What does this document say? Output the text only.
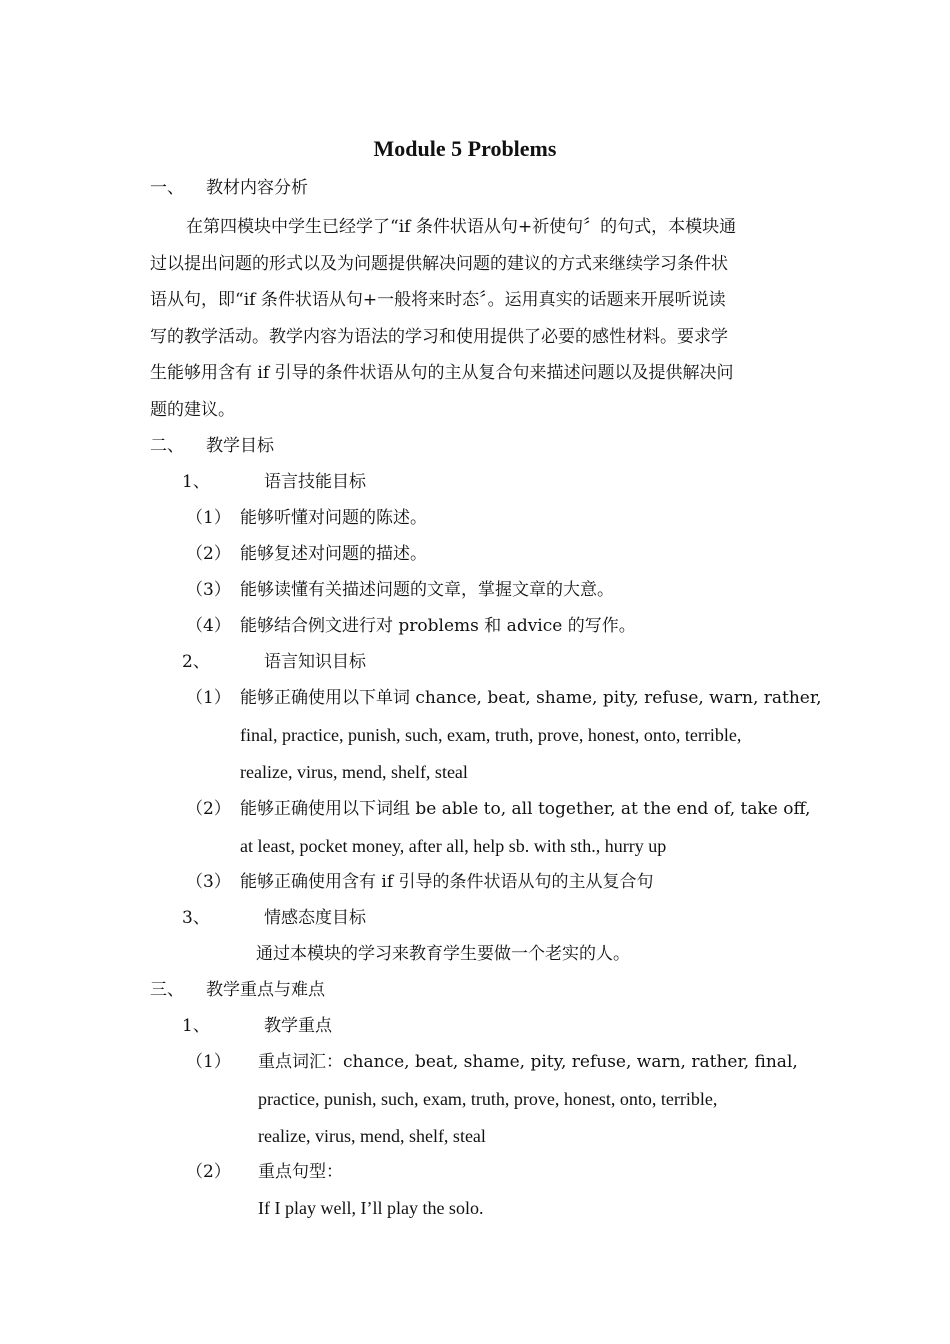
Module 5 Problems
一、 教材内容分析
在第四模块中学生已经学了“if 条件状语从句+祈使句〞的句式，本模块通
过以提出问题的形式以及为问题提供解决问题的建议的方式来继续学习条件状
语从句，即“if 条件状语从句+一般将来时态〞。运用真实的话题来开展听说读
写的教学活动。教学内容为语法的学习和使用提供了必要的感性材料。要求学
生能够用含有 if 引导的条件状语从句的主从复合句来描述问题以及提供解决问
题的建议。
二、 教学目标
1、	语言技能目标
（1） 能够听懂对问题的陈述。
（2） 能够复述对问题的描述。
（3） 能够读懂有关描述问题的文章，掌握文章的大意。
（4） 能够结合例文进行对 problems 和 advice 的写作。
2、	语言知识目标
（1） 能够正确使用以下单词 chance, beat, shame, pity, refuse, warn, rather,
final, practice, punish, such, exam, truth, prove, honest, onto, terrible,
realize, virus, mend, shelf, steal
（2） 能够正确使用以下词组 be able to, all together, at the end of, take off,
at least, pocket money, after all, help sb. with sth., hurry up
（3） 能够正确使用含有 if 引导的条件状语从句的主从复合句
3、	情感态度目标
通过本模块的学习来教育学生要做一个老实的人。
三、 教学重点与难点
1、	教学重点
（1） 重点词汇：chance, beat, shame, pity, refuse, warn, rather, final,
practice, punish, such, exam, truth, prove, honest, onto, terrible,
realize, virus, mend, shelf, steal
（2） 重点句型：
If I play well, I’ll play the solo.
